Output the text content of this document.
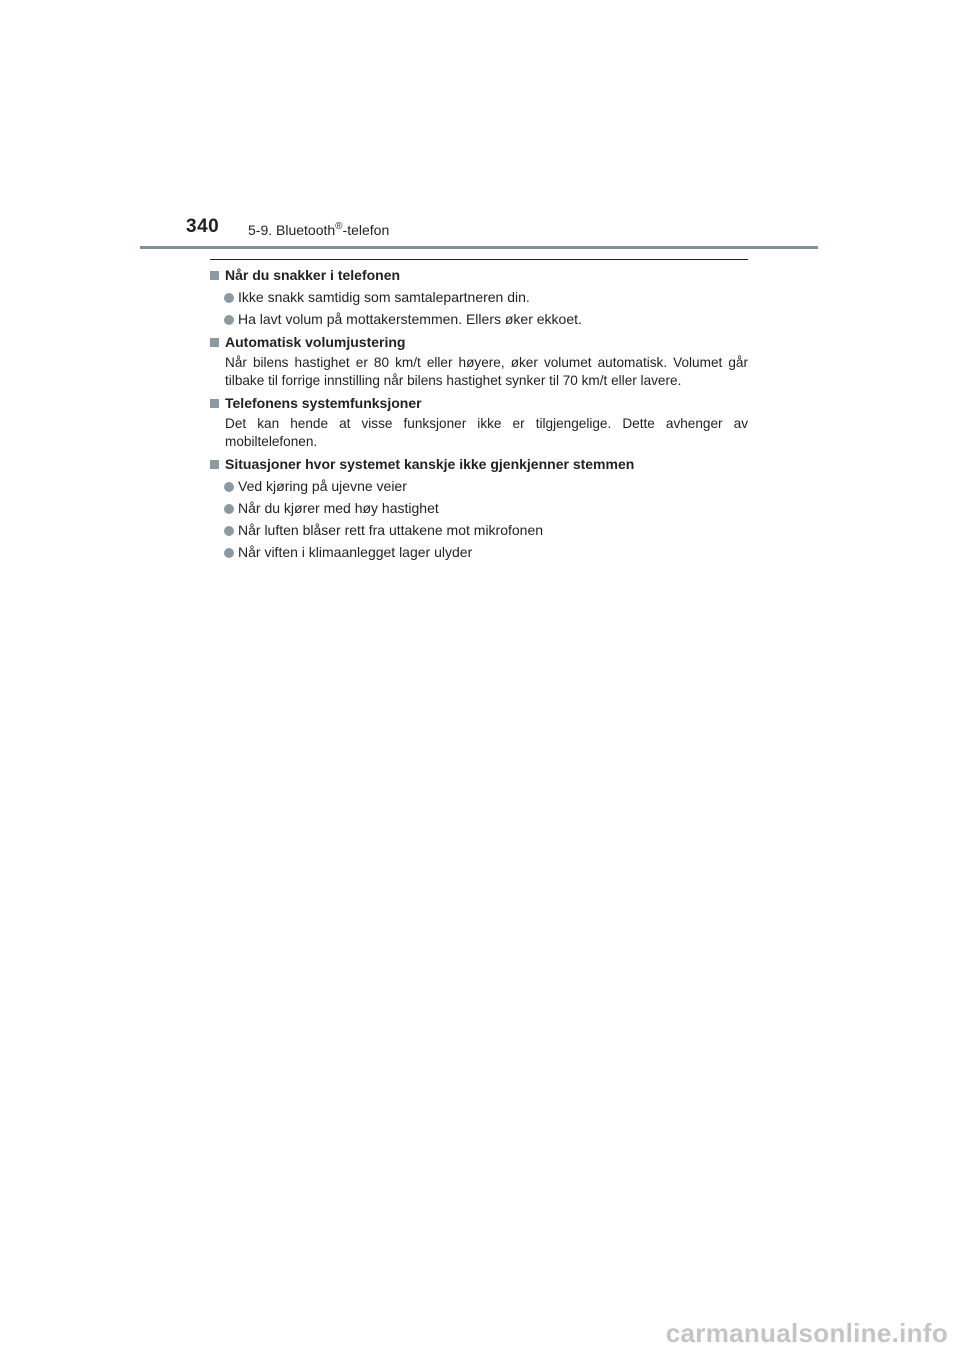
340 5-9. Bluetooth®-telefon
Når du snakker i telefonen
Ikke snakk samtidig som samtalepartneren din.
Ha lavt volum på mottakerstemmen. Ellers øker ekkoet.
Automatisk volumjustering
Når bilens hastighet er 80 km/t eller høyere, øker volumet automatisk. Volumet går tilbake til forrige innstilling når bilens hastighet synker til 70 km/t eller lavere.
Telefonens systemfunksjoner
Det kan hende at visse funksjoner ikke er tilgjengelige. Dette avhenger av mobiltelefonen.
Situasjoner hvor systemet kanskje ikke gjenkjenner stemmen
Ved kjøring på ujevne veier
Når du kjører med høy hastighet
Når luften blåser rett fra uttakene mot mikrofonen
Når viften i klimaanlegget lager ulyder
carmanualsonline.info
